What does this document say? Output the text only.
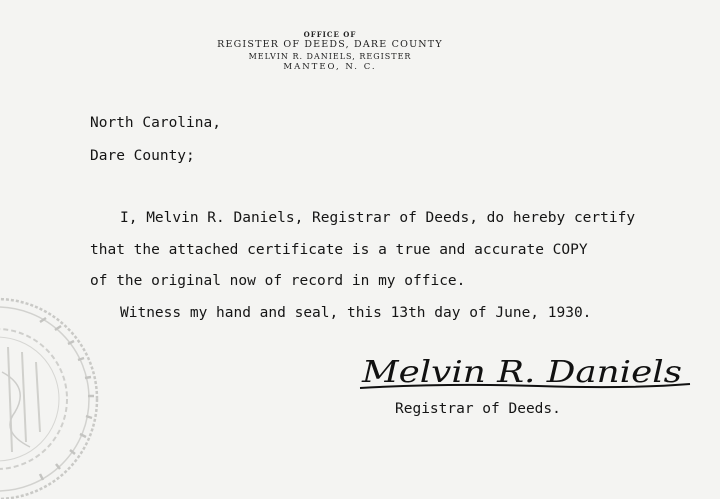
OFFICE OF
REGISTER OF DEEDS, DARE COUNTY
MELVIN R. DANIELS, REGISTER
MANTEO, N. C.
North Carolina,
Dare County;
I, Melvin R. Daniels, Registrar of Deeds, do hereby certify
that the attached certificate is a true and accurate COPY
of the original now of record in my office.
Witness my hand and seal, this 13th day of June, 1930.
Melvin R. Daniels
Registrar of Deeds.
